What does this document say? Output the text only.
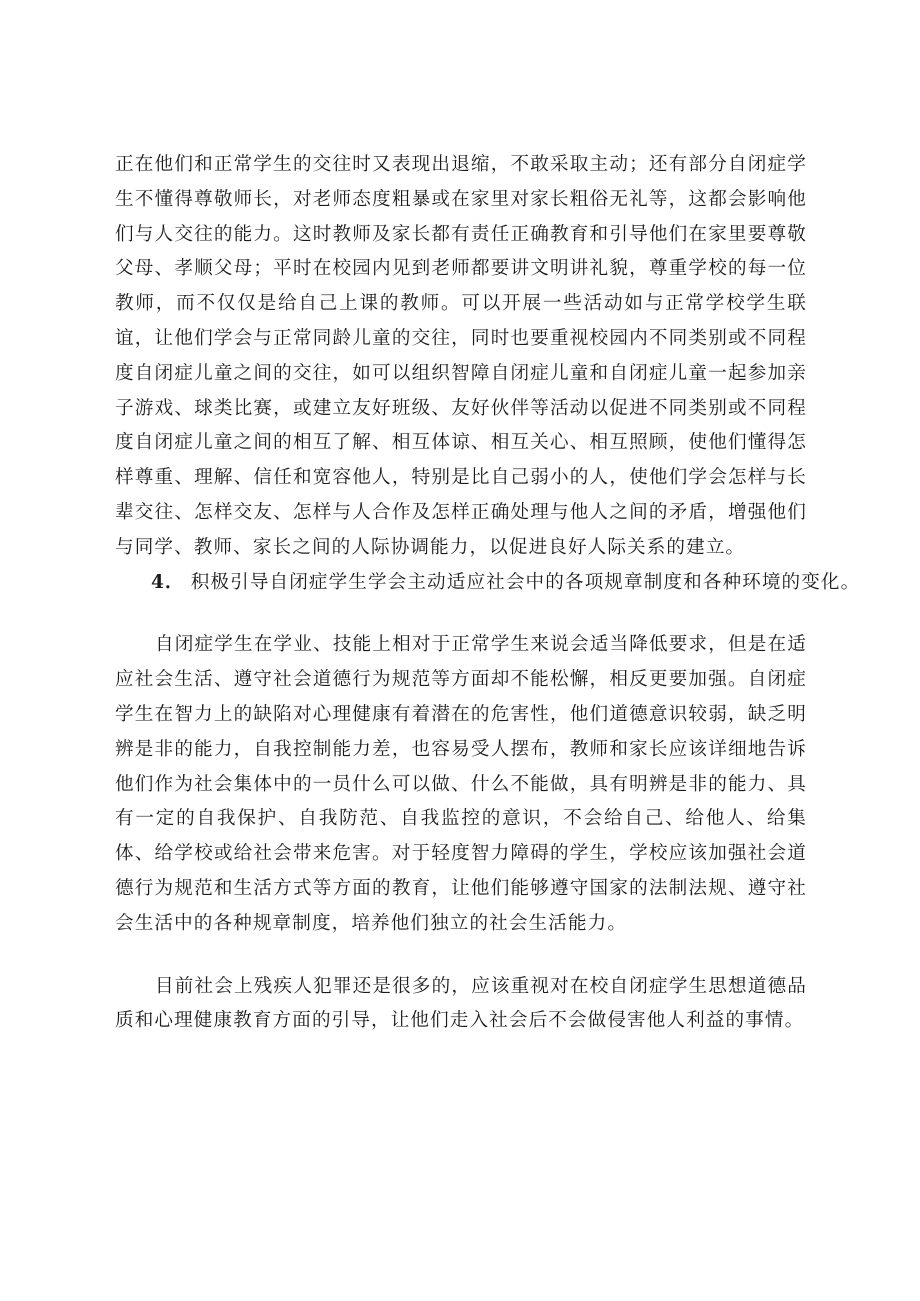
正在他们和正常学生的交往时又表现出退缩，不敢采取主动；还有部分自闭症学生不懂得尊敬师长，对老师态度粗暴或在家里对家长粗俗无礼等，这都会影响他们与人交往的能力。这时教师及家长都有责任正确教育和引导他们在家里要尊敬父母、孝顺父母；平时在校园内见到老师都要讲文明讲礼貌，尊重学校的每一位教师，而不仅仅是给自己上课的教师。可以开展一些活动如与正常学校学生联谊，让他们学会与正常同龄儿童的交往，同时也要重视校园内不同类别或不同程度自闭症儿童之间的交往，如可以组织智障自闭症儿童和自闭症儿童一起参加亲子游戏、球类比赛，或建立友好班级、友好伙伴等活动以促进不同类别或不同程度自闭症儿童之间的相互了解、相互体谅、相互关心、相互照顾，使他们懂得怎样尊重、理解、信任和宽容他人，特别是比自己弱小的人，使他们学会怎样与长辈交往、怎样交友、怎样与人合作及怎样正确处理与他人之间的矛盾，增强他们与同学、教师、家长之间的人际协调能力，以促进良好人际关系的建立。

4． 积极引导自闭症学生学会主动适应社会中的各项规章制度和各种环境的变化。

自闭症学生在学业、技能上相对于正常学生来说会适当降低要求，但是在适应社会生活、遵守社会道德行为规范等方面却不能松懈，相反更要加强。自闭症学生在智力上的缺陷对心理健康有着潜在的危害性，他们道德意识较弱，缺乏明辨是非的能力，自我控制能力差，也容易受人摆布，教师和家长应该详细地告诉他们作为社会集体中的一员什么可以做、什么不能做，具有明辨是非的能力、具有一定的自我保护、自我防范、自我监控的意识，不会给自己、给他人、给集体、给学校或给社会带来危害。对于轻度智力障碍的学生，学校应该加强社会道德行为规范和生活方式等方面的教育，让他们能够遵守国家的法制法规、遵守社会生活中的各种规章制度，培养他们独立的社会生活能力。

目前社会上残疾人犯罪还是很多的，应该重视对在校自闭症学生思想道德品质和心理健康教育方面的引导，让他们走入社会后不会做侵害他人利益的事情。
